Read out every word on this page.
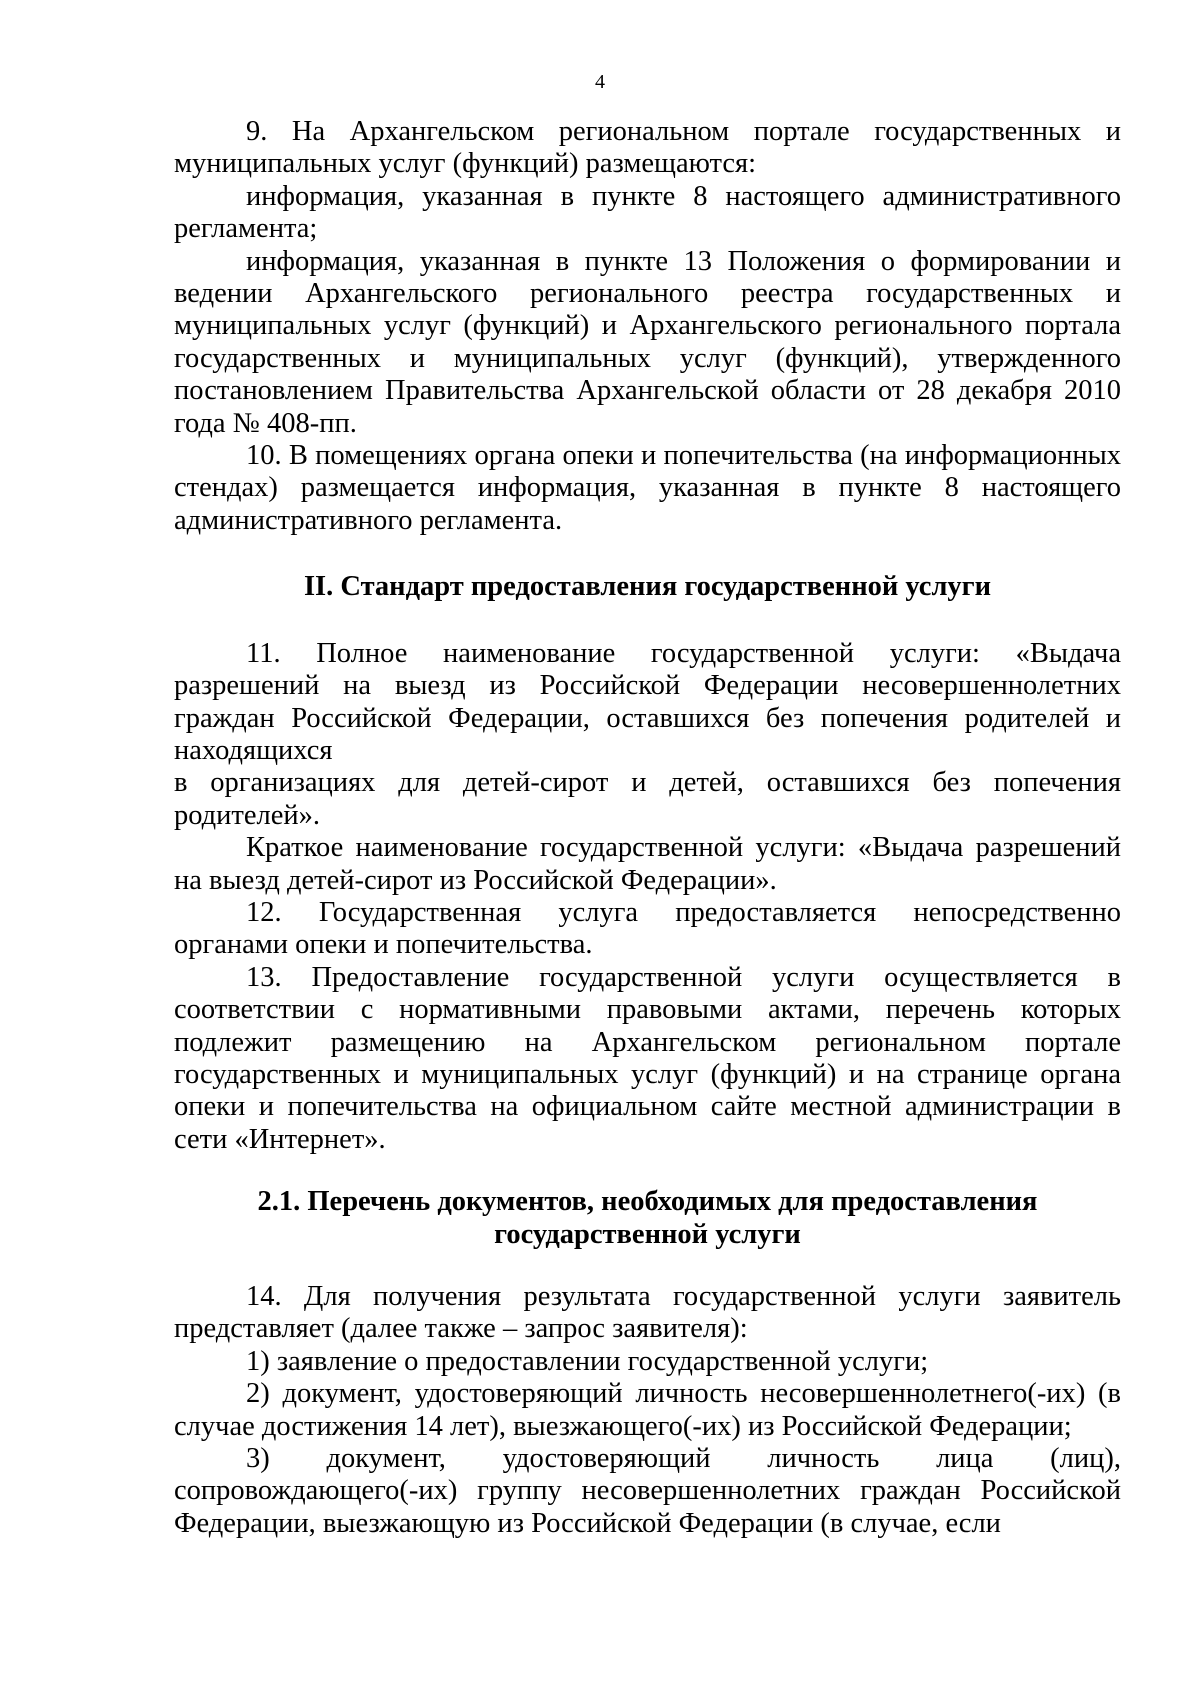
4

9. На Архангельском региональном портале государственных и муниципальных услуг (функций) размещаются:

информация, указанная в пункте 8 настоящего административного регламента;

информация, указанная в пункте 13 Положения о формировании и ведении Архангельского регионального реестра государственных и муниципальных услуг (функций) и Архангельского регионального портала государственных и муниципальных услуг (функций), утвержденного постановлением Правительства Архангельской области от 28 декабря 2010 года № 408-пп.

10. В помещениях органа опеки и попечительства (на информационных стендах) размещается информация, указанная в пункте 8 настоящего административного регламента.

II. Стандарт предоставления государственной услуги

11. Полное наименование государственной услуги: «Выдача разрешений на выезд из Российской Федерации несовершеннолетних граждан Российской Федерации, оставшихся без попечения родителей и находящихся

в организациях для детей-сирот и детей, оставшихся без попечения родителей».

Краткое наименование государственной услуги: «Выдача разрешений на выезд детей-сирот из Российской Федерации».

12. Государственная услуга предоставляется непосредственно органами опеки и попечительства.

13. Предоставление государственной услуги осуществляется в соответствии с нормативными правовыми актами, перечень которых подлежит размещению на Архангельском региональном портале государственных и муниципальных услуг (функций) и на странице органа опеки и попечительства на официальном сайте местной администрации в сети «Интернет».

2.1. Перечень документов, необходимых для предоставления

государственной услуги

14. Для получения результата государственной услуги заявитель представляет (далее также – запрос заявителя):

1) заявление о предоставлении государственной услуги;

2) документ, удостоверяющий личность несовершеннолетнего(-их) (в случае достижения 14 лет), выезжающего(-их) из Российской Федерации;

3) документ, удостоверяющий личность лица (лиц), сопровождающего(-их) группу несовершеннолетних граждан Российской Федерации, выезжающую из Российской Федерации (в случае, если
